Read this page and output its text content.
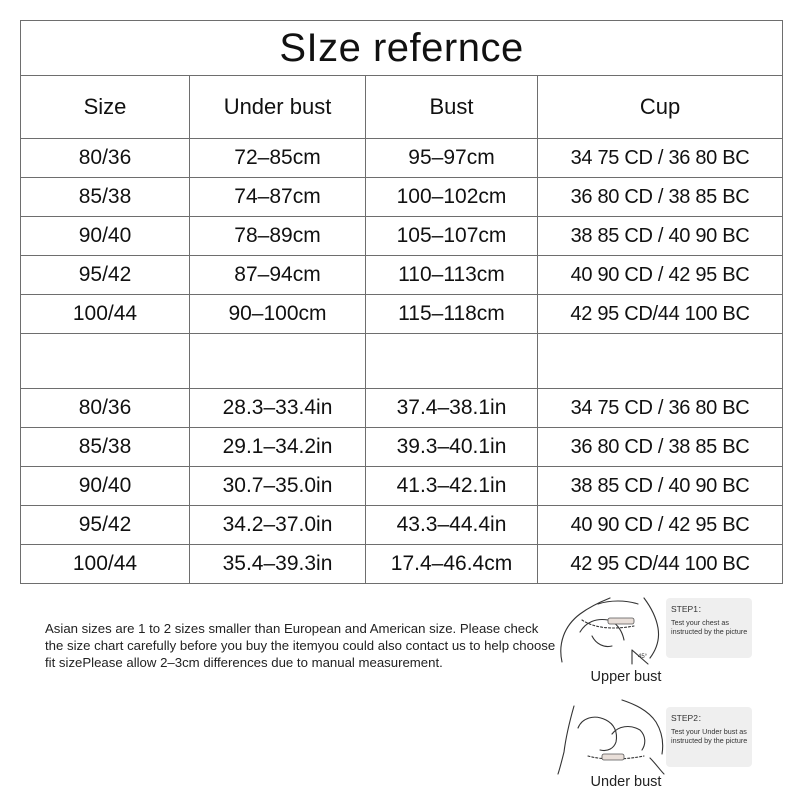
SIze refernce			
Size	Under bust	Bust	Cup
80/36	72–85cm	95–97cm	34 75 CD / 36 80 BC
85/38	74–87cm	100–102cm	36 80 CD / 38 85 BC
90/40	78–89cm	105–107cm	38 85 CD / 40 90 BC
95/42	87–94cm	110–113cm	40 90 CD / 42 95 BC
100/44	90–100cm	115–118cm	42 95 CD/44 100 BC

80/36	28.3–33.4in	37.4–38.1in	34 75 CD / 36 80 BC
85/38	29.1–34.2in	39.3–40.1in	36 80 CD / 38 85 BC
90/40	30.7–35.0in	41.3–42.1in	38 85 CD / 40 90 BC
95/42	34.2–37.0in	43.3–44.4in	40 90 CD / 42 95 BC
100/44	35.4–39.3in	17.4–46.4cm	42 95 CD/44 100 BC
Asian sizes are 1 to 2 sizes smaller than European and American size. Please check the size chart carefully before you buy the itemyou could also contact us to help choose fit sizePlease allow 2–3cm differences due to manual measurement.	45°
Upper bust
STEP1：
Test your chest as instructed by the picture
Under bust
STEP2：
Test your Under bust as instructed by the picture
